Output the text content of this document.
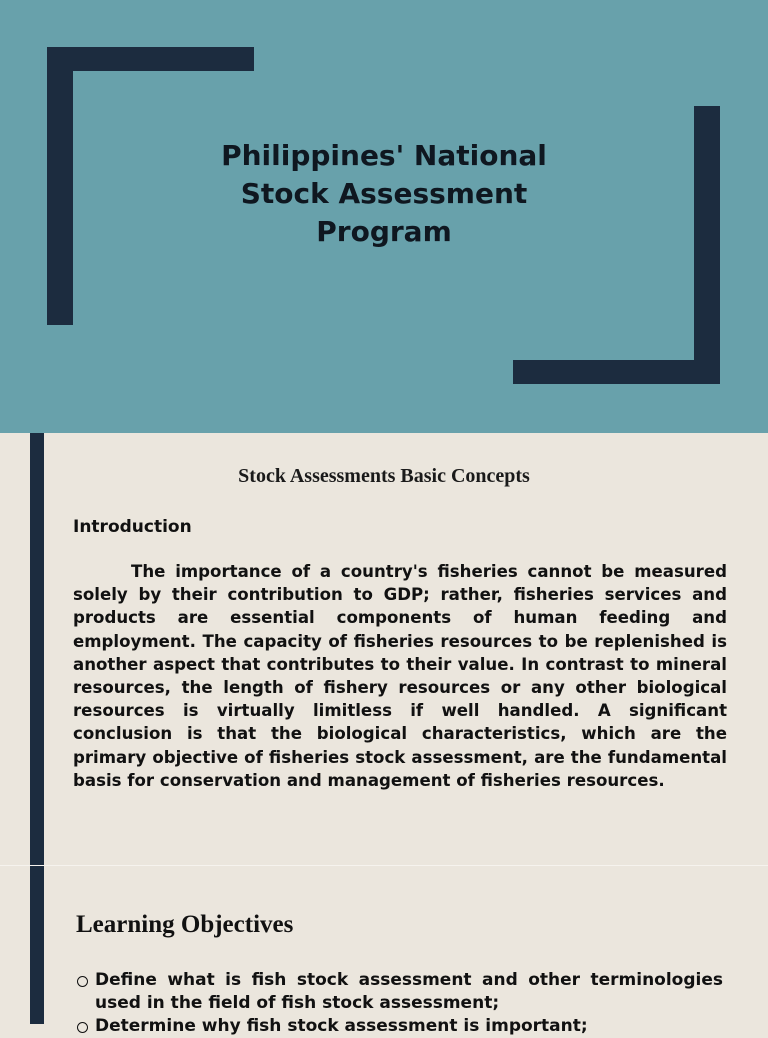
Philippines' National
Stock Assessment
Program
Stock Assessments Basic Concepts
Introduction

The importance of a country's fisheries cannot be measured solely by their contribution to GDP; rather, fisheries services and products are essential components of human feeding and employment. The capacity of fisheries resources to be replenished is another aspect that contributes to their value. In contrast to mineral resources, the length of fishery resources or any other biological resources is virtually limitless if well handled. A significant conclusion is that the biological characteristics, which are the primary objective of fisheries stock assessment, are the fundamental basis for conservation and management of fisheries resources.

Learning Objectives
Define what is fish stock assessment and other terminologies used in the field of fish stock assessment;
Determine why fish stock assessment is important;
